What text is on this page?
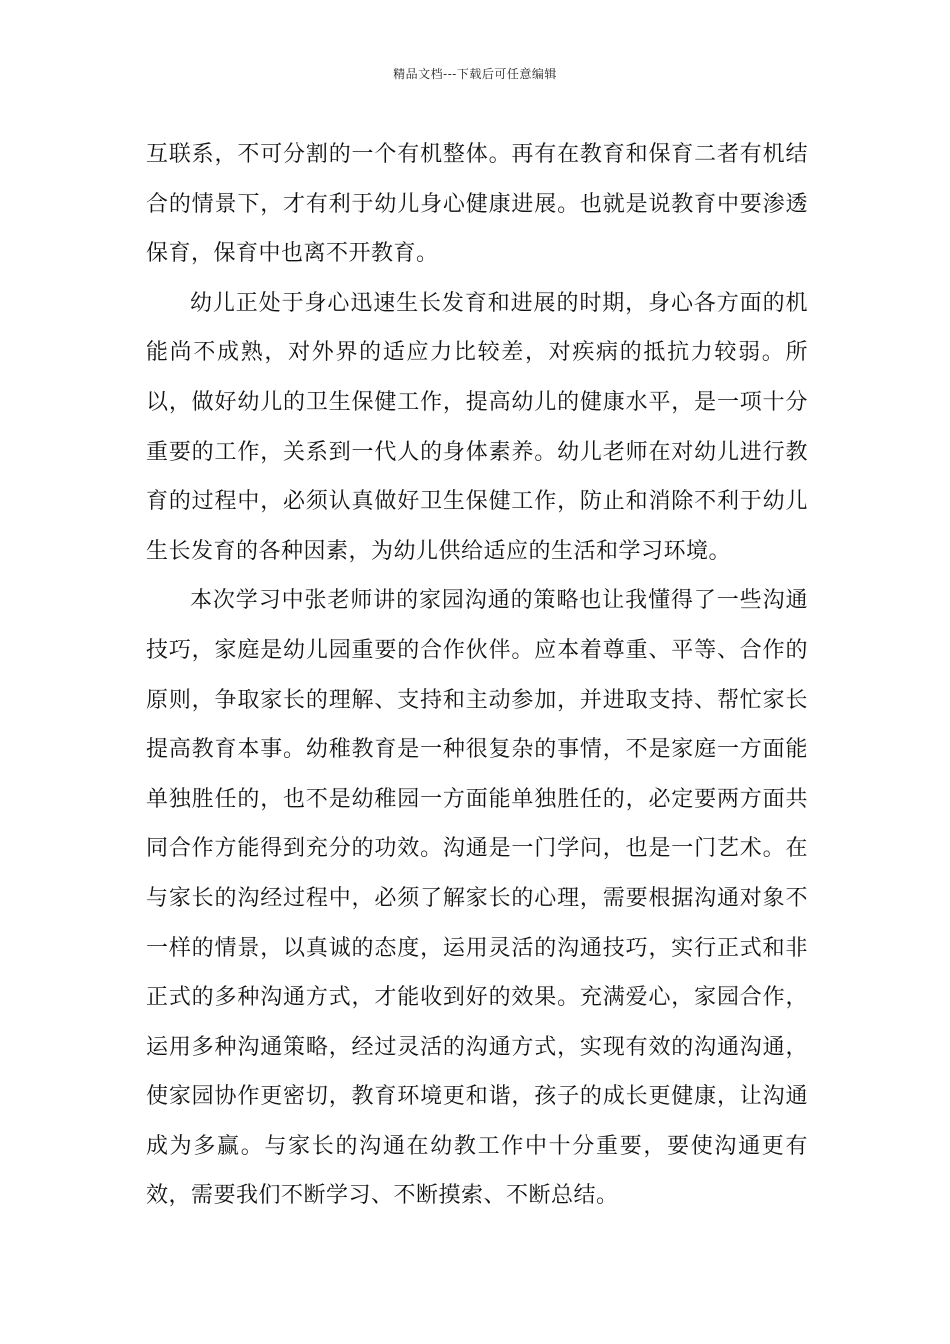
精品文档---下载后可任意编辑

互联系，不可分割的一个有机整体。再有在教育和保育二者有机结合的情景下，才有利于幼儿身心健康进展。也就是说教育中要渗透保育，保育中也离不开教育。

幼儿正处于身心迅速生长发育和进展的时期，身心各方面的机能尚不成熟，对外界的适应力比较差，对疾病的抵抗力较弱。所以，做好幼儿的卫生保健工作，提高幼儿的健康水平，是一项十分重要的工作，关系到一代人的身体素养。幼儿老师在对幼儿进行教育的过程中，必须认真做好卫生保健工作，防止和消除不利于幼儿生长发育的各种因素，为幼儿供给适应的生活和学习环境。

本次学习中张老师讲的家园沟通的策略也让我懂得了一些沟通技巧，家庭是幼儿园重要的合作伙伴。应本着尊重、平等、合作的原则，争取家长的理解、支持和主动参加，并进取支持、帮忙家长提高教育本事。幼稚教育是一种很复杂的事情，不是家庭一方面能单独胜任的，也不是幼稚园一方面能单独胜任的，必定要两方面共同合作方能得到充分的功效。沟通是一门学问，也是一门艺术。在与家长的沟经过程中，必须了解家长的心理，需要根据沟通对象不一样的情景，以真诚的态度，运用灵活的沟通技巧，实行正式和非正式的多种沟通方式，才能收到好的效果。充满爱心，家园合作，运用多种沟通策略，经过灵活的沟通方式，实现有效的沟通沟通，使家园协作更密切，教育环境更和谐，孩子的成长更健康，让沟通成为多赢。与家长的沟通在幼教工作中十分重要，要使沟通更有效，需要我们不断学习、不断摸索、不断总结。
